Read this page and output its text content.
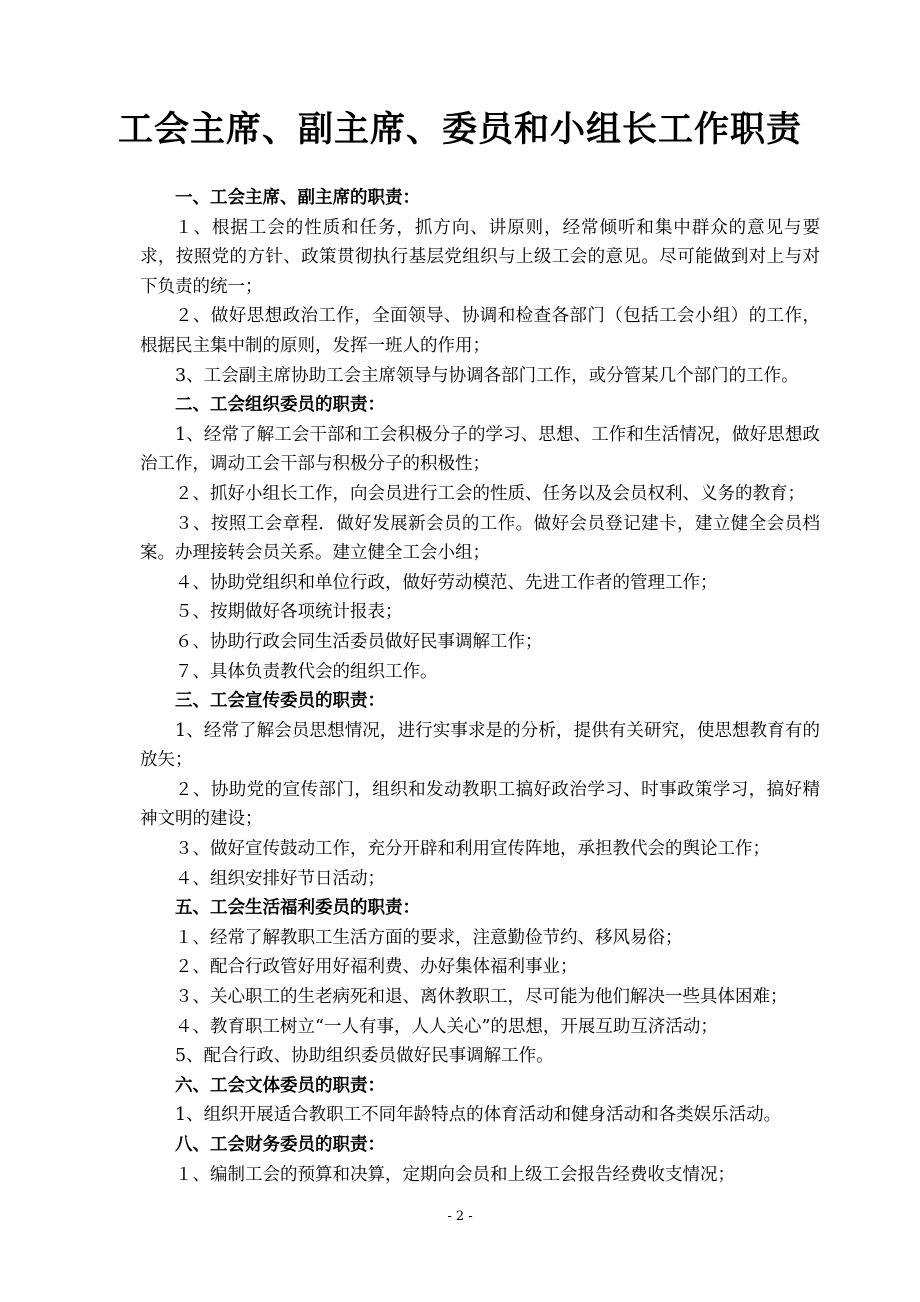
工会主席、副主席、委员和小组长工作职责

一、工会主席、副主席的职责：

１、根据工会的性质和任务，抓方向、讲原则，经常倾听和集中群众的意见与要求，按照党的方针、政策贯彻执行基层党组织与上级工会的意见。尽可能做到对上与对下负责的统一；

２、做好思想政治工作，全面领导、协调和检查各部门（包括工会小组）的工作，根据民主集中制的原则，发挥一班人的作用；

3、工会副主席协助工会主席领导与协调各部门工作，或分管某几个部门的工作。

二、工会组织委员的职责：

1、经常了解工会干部和工会积极分子的学习、思想、工作和生活情况，做好思想政治工作，调动工会干部与积极分子的积极性；

２、抓好小组长工作，向会员进行工会的性质、任务以及会员权利、义务的教育；

３、按照工会章程．做好发展新会员的工作。做好会员登记建卡，建立健全会员档案。办理接转会员关系。建立健全工会小组；

４、协助党组织和单位行政，做好劳动模范、先进工作者的管理工作；

５、按期做好各项统计报表；

６、协助行政会同生活委员做好民事调解工作；

７、具体负责教代会的组织工作。

三、工会宣传委员的职责：

1、经常了解会员思想情况，进行实事求是的分析，提供有关研究，使思想教育有的放矢；

２、协助党的宣传部门，组织和发动教职工搞好政治学习、时事政策学习，搞好精神文明的建设；

３、做好宣传鼓动工作，充分开辟和利用宣传阵地，承担教代会的舆论工作；

４、组织安排好节日活动；

五、工会生活福利委员的职责：

１、经常了解教职工生活方面的要求，注意勤俭节约、移风易俗；

２、配合行政管好用好福利费、办好集体福利事业；

３、关心职工的生老病死和退、离休教职工，尽可能为他们解决一些具体困难；

４、教育职工树立“一人有事，人人关心”的思想，开展互助互济活动；

5、配合行政、协助组织委员做好民事调解工作。

六、工会文体委员的职责：

1、组织开展适合教职工不同年龄特点的体育活动和健身活动和各类娱乐活动。

八、工会财务委员的职责：

１、编制工会的预算和决算，定期向会员和上级工会报告经费收支情况；

- 2 -
